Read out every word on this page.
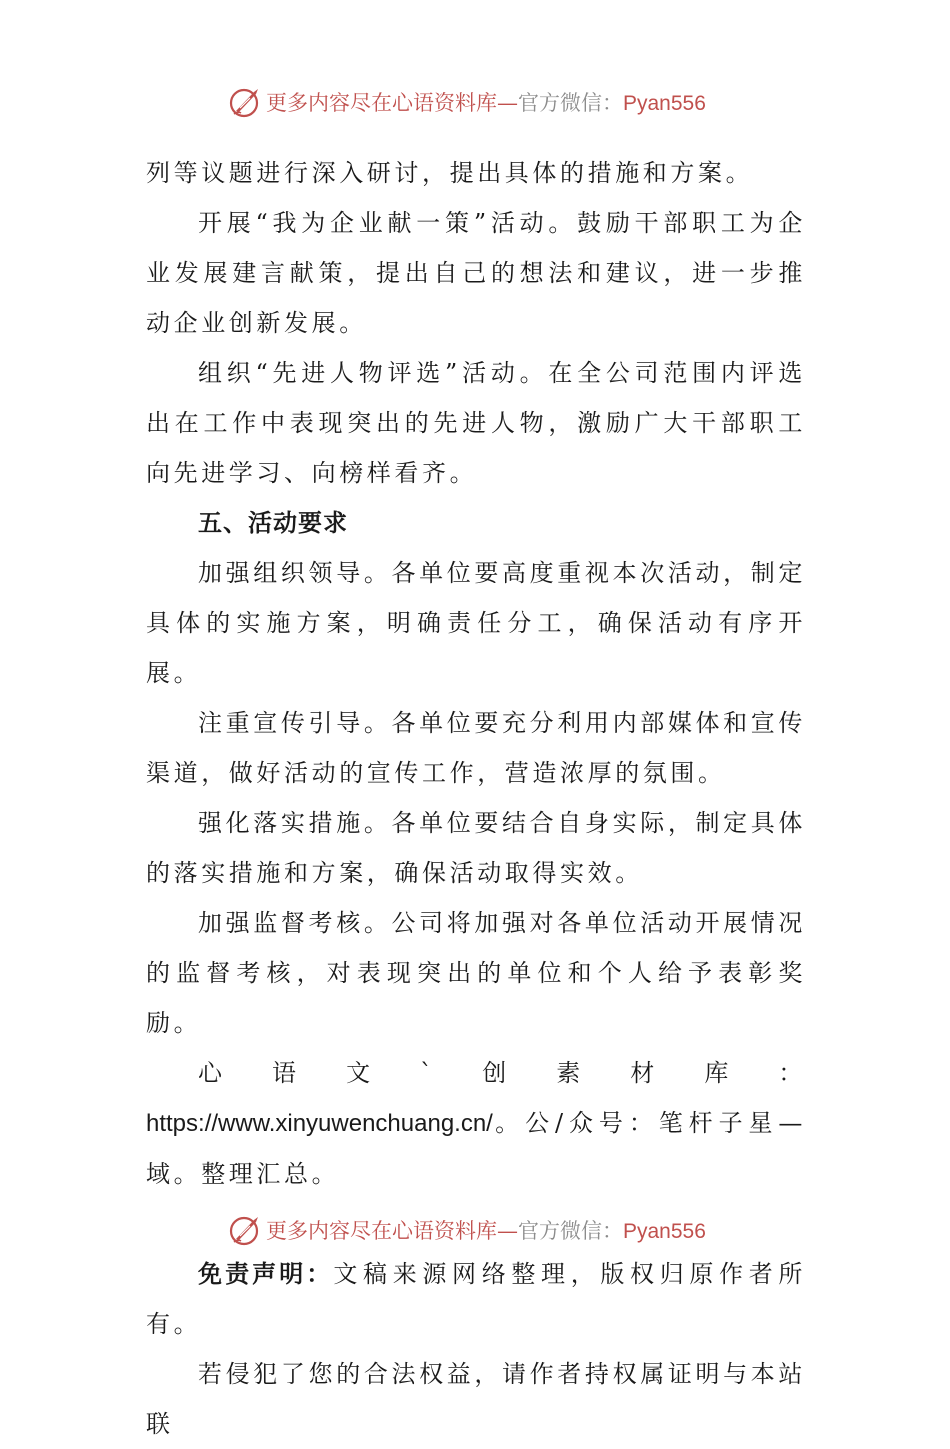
更多内容尽在心语资料库—官方微信：Pyan556

列等议题进行深入研讨，提出具体的措施和方案。

开展“我为企业献一策”活动。鼓励干部职工为企业发展建言献策，提出自己的想法和建议，进一步推动企业创新发展。

组织“先进人物评选”活动。在全公司范围内评选出在工作中表现突出的先进人物，激励广大干部职工向先进学习、向榜样看齐。

五、活动要求

加强组织领导。各单位要高度重视本次活动，制定具体的实施方案，明确责任分工，确保活动有序开展。

注重宣传引导。各单位要充分利用内部媒体和宣传渠道，做好活动的宣传工作，营造浓厚的氛围。

强化落实措施。各单位要结合自身实际，制定具体的落实措施和方案，确保活动取得实效。

加强监督考核。公司将加强对各单位活动开展情况的监督考核，对表现突出的单位和个人给予表彰奖励。

心语文`创素材库：https://www.xinyuwenchuang.cn/。公/众号：笔杆子星—域。整理汇总。

免责声明：文稿来源网络整理，版权归原作者所有。

若侵犯了您的合法权益，请作者持权属证明与本站联

更多内容尽在心语资料库—官方微信：Pyan556
